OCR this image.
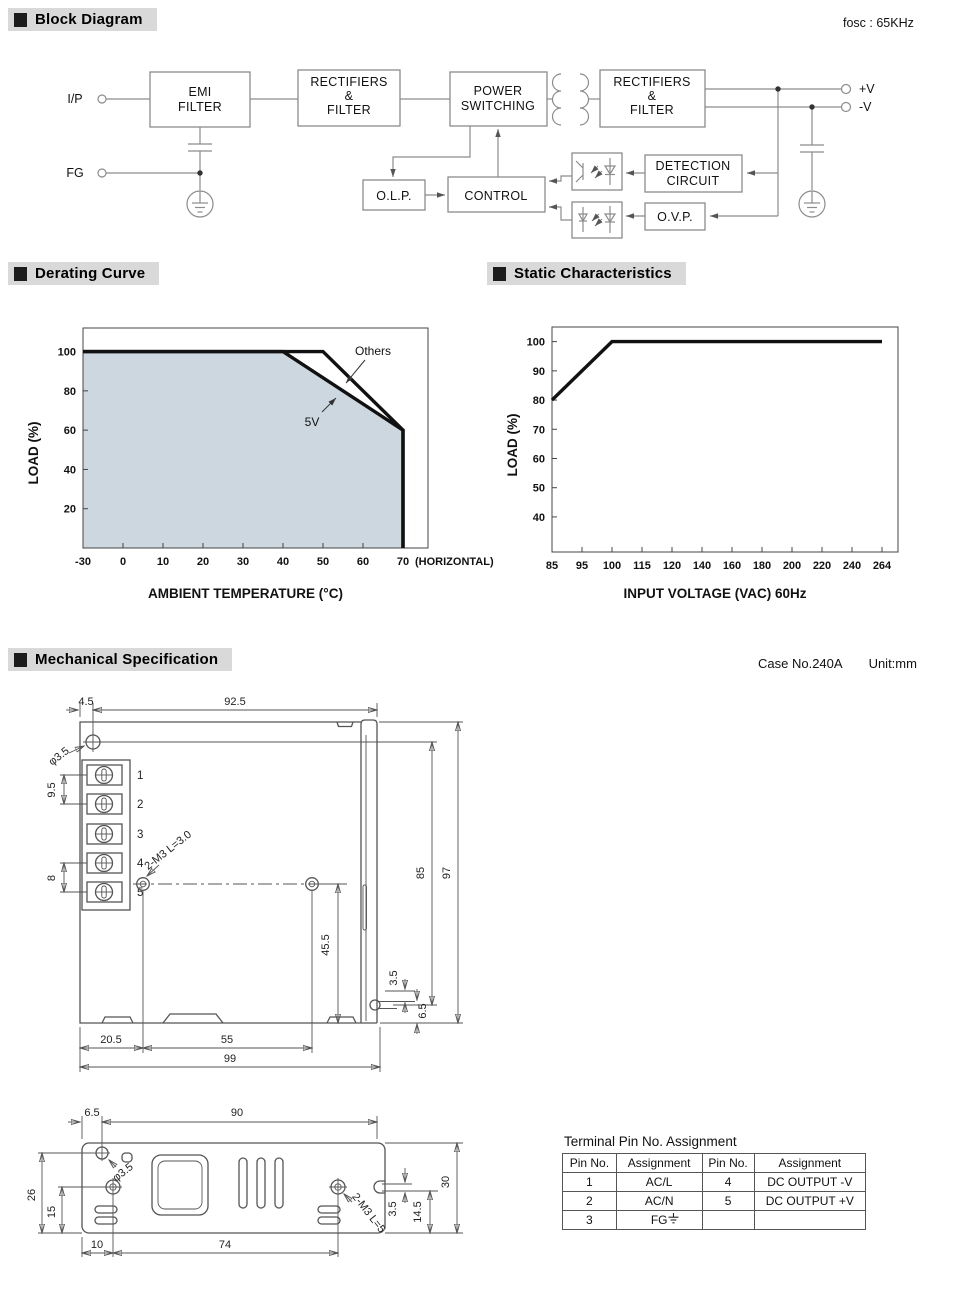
Block Diagram	fosc : 65KHz
Derating Curve	Static Characteristics
Mechanical Specification	Case No.240A Unit:mm
I/P
FG
+V
-V
EMI
FILTER
RECTIFIERS
&
FILTER
POWER
SWITCHING
RECTIFIERS
&
FILTER
DETECTION
CIRCUIT
O.L.P.	CONTROL
O.V.P.
-30	0	10	20	30	40	50	60	70 (HORIZONTAL)
20
40
60
80
100
AMBIENT TEMPERATURE (°C)
LOAD (%)
Others
5V
85 95 100 115 120 140 160 180 200 220 240 264
40
50
60
70
80
90
100
INPUT VOLTAGE (VAC) 60Hz
LOAD (%)
1
2
3
4
5
4.5	92.5
φ3.5
9.5
8
2-M3 L=3.0
45.5
85 97
3.5
6.5
20.5	55
99
6.5	90
φ3.5
2-M3 L=5
26
15	3.5 14.5
30
10	74
Terminal Pin No. Assignment
Pin No.	Assignment	Pin No.	Assignment
1	AC/L	4	DC OUTPUT -V
2	AC/N	5	DC OUTPUT +V
3	FG
